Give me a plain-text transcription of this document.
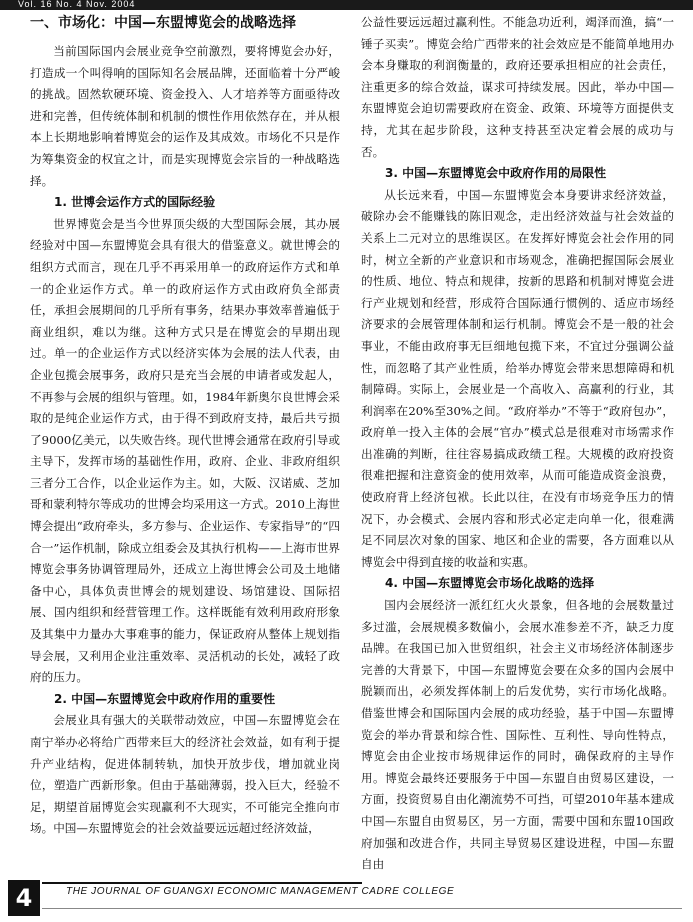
Vol. 16 No. 4 Nov. 2004
一、市场化：中国—东盟博览会的战略选择

当前国际国内会展业竞争空前激烈，要将博览会办好，打造成一个叫得响的国际知名会展品牌，还面临着十分严峻的挑战。固然软硬环境、资金投入、人才培养等方面亟待改进和完善，但传统体制和机制的惯性作用依然存在，并从根本上长期地影响着博览会的运作及其成效。市场化不只是作为筹集资金的权宜之计，而是实现博览会宗旨的一种战略选择。

1. 世博会运作方式的国际经验

世界博览会是当今世界顶尖级的大型国际会展，其办展经验对中国—东盟博览会具有很大的借鉴意义。就世博会的组织方式而言，现在几乎不再采用单一的政府运作方式和单一的企业运作方式。单一的政府运作方式由政府负全部责任，承担会展期间的几乎所有事务，结果办事效率普遍低于商业组织，难以为继。这种方式只是在博览会的早期出现过。单一的企业运作方式以经济实体为会展的法人代表，由企业包揽会展事务，政府只是充当会展的申请者或发起人，不再参与会展的组织与管理。如，1984年新奥尔良世博会采取的是纯企业运作方式，由于得不到政府支持，最后共亏损了9000亿美元，以失败告终。现代世博会通常在政府引导或主导下，发挥市场的基础性作用，政府、企业、非政府组织三者分工合作，以企业运作为主。如，大阪、汉诺威、芝加哥和蒙利特尔等成功的世博会均采用这一方式。2010上海世博会提出“政府牵头，多方参与、企业运作、专家指导”的“四合一”运作机制，除成立组委会及其执行机构——上海市世界博览会事务协调管理局外，还成立上海世博会公司及土地储备中心，具体负责世博会的规划建设、场馆建设、国际招展、国内组织和经营管理工作。这样既能有效利用政府形象及其集中力量办大事难事的能力，保证政府从整体上规划指导会展，又利用企业注重效率、灵活机动的长处，减轻了政府的压力。

2. 中国—东盟博览会中政府作用的重要性

会展业具有强大的关联带动效应，中国—东盟博览会在南宁举办必将给广西带来巨大的经济社会效益，如有利于提升产业结构，促进体制转轨，加快开放步伐，增加就业岗位，塑造广西新形象。但由于基础薄弱，投入巨大，经验不足，期望首届博览会实现赢利不大现实，不可能完全推向市场。中国—东盟博览会的社会效益要远远超过经济效益，

公益性要远远超过赢利性。不能急功近利，竭泽而渔，搞“一锤子买卖”。博览会给广西带来的社会效应是不能简单地用办会本身赚取的利润衡量的，政府还要承担相应的社会责任，注重更多的综合效益，谋求可持续发展。因此，举办中国—东盟博览会迫切需要政府在资金、政策、环境等方面提供支持，尤其在起步阶段，这种支持甚至决定着会展的成功与否。

3. 中国—东盟博览会中政府作用的局限性

从长远来看，中国—东盟博览会本身要讲求经济效益，破除办会不能赚钱的陈旧观念，走出经济效益与社会效益的关系上二元对立的思维误区。在发挥好博览会社会作用的同时，树立全新的产业意识和市场观念，准确把握国际会展业的性质、地位、特点和规律，按新的思路和机制对博览会进行产业规划和经营，形成符合国际通行惯例的、适应市场经济要求的会展管理体制和运行机制。博览会不是一般的社会事业，不能由政府事无巨细地包揽下来，不宜过分强调公益性，而忽略了其产业性质，给举办博览会带来思想障碍和机制障碍。实际上，会展业是一个高收入、高赢利的行业，其利润率在20%至30%之间。“政府举办”不等于“政府包办”，政府单一投入主体的会展“官办”模式总是很难对市场需求作出准确的判断，往往容易搞成政绩工程。大规模的政府投资很难把握和注意资金的使用效率，从而可能造成资金浪费，使政府背上经济包袱。长此以往，在没有市场竞争压力的情况下，办会模式、会展内容和形式必定走向单一化，很难满足不同层次对象的国家、地区和企业的需要，各方面难以从博览会中得到直接的收益和实惠。

4. 中国—东盟博览会市场化战略的选择

国内会展经济一派红红火火景象，但各地的会展数量过多过滥，会展规模多数偏小，会展水准参差不齐，缺乏力度品牌。在我国已加入世贸组织，社会主义市场经济体制逐步完善的大背景下，中国—东盟博览会要在众多的国内会展中脱颖而出，必须发挥体制上的后发优势，实行市场化战略。借鉴世博会和国际国内会展的成功经验，基于中国—东盟博览会的举办背景和综合性、国际性、互利性、导向性特点，博览会由企业按市场规律运作的同时，确保政府的主导作用。博览会最终还要服务于中国—东盟自由贸易区建设，一方面，投资贸易自由化潮流势不可挡，可望2010年基本建成中国—东盟自由贸易区，另一方面，需要中国和东盟10国政府加强和改进合作，共同主导贸易区建设进程，中国—东盟自由

4	THE JOURNAL OF GUANGXI ECONOMIC MANAGEMENT CADRE COLLEGE
